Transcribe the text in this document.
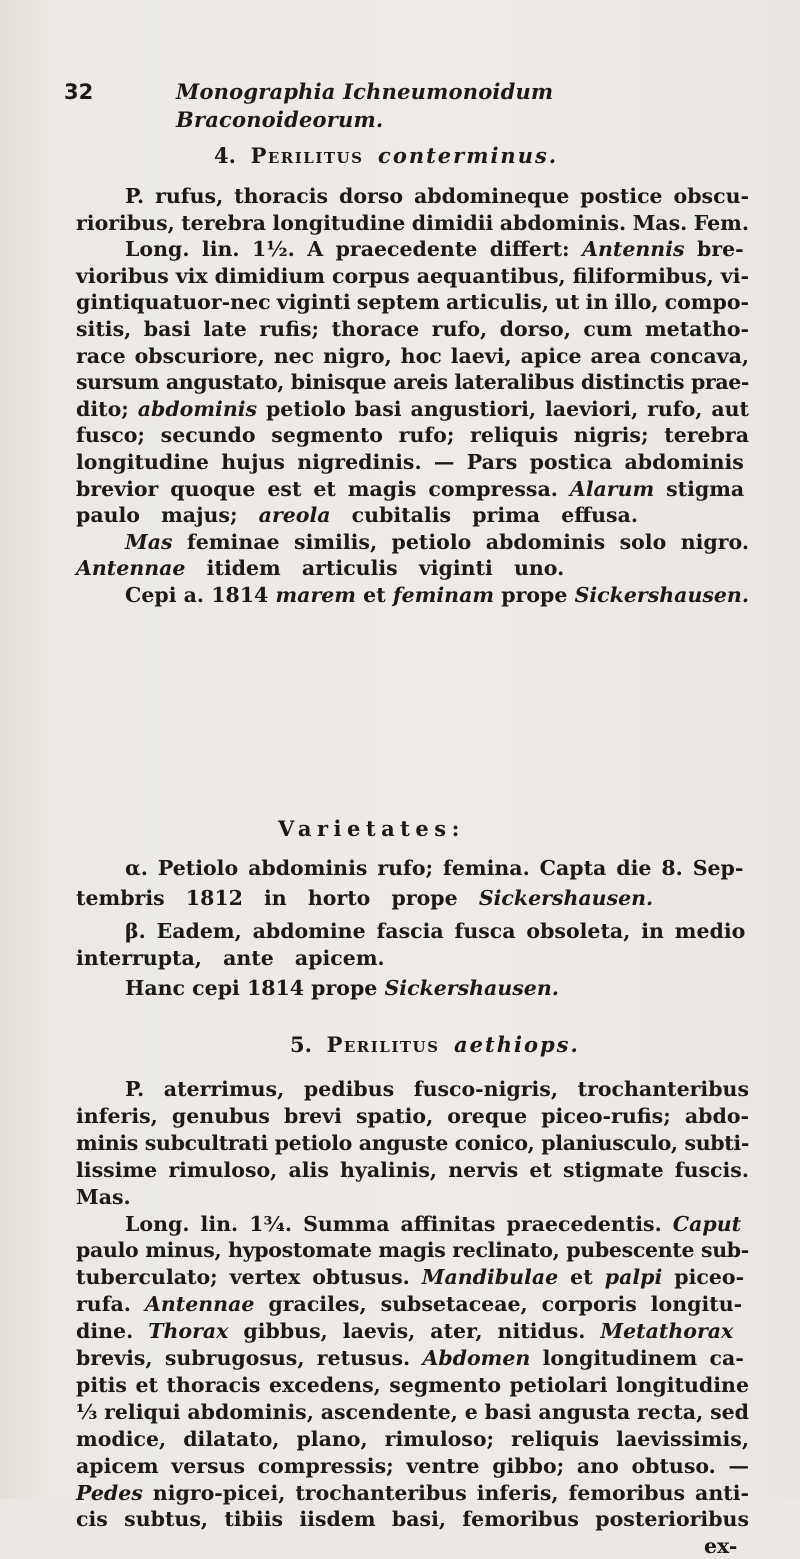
32	Monographia Ichneumonoidum Braconoideorum.
4. Perilitus conterminus.
P. rufus, thoracis dorso abdomineque postice obscu-
rioribus, terebra longitudine dimidii abdominis. Mas. Fem.
Long. lin. 1½. A praecedente differt: Antennis bre-
vioribus vix dimidium corpus aequantibus, filiformibus, vi-
gintiquatuor-nec viginti septem articulis, ut in illo, compo-
sitis, basi late rufis; thorace rufo, dorso, cum metatho-
race obscuriore, nec nigro, hoc laevi, apice area concava,
sursum angustato, binisque areis lateralibus distinctis prae-
dito; abdominis petiolo basi angustiori, laeviori, rufo, aut
fusco; secundo segmento rufo; reliquis nigris; terebra
longitudine hujus nigredinis. — Pars postica abdominis
brevior quoque est et magis compressa. Alarum stigma
paulo majus; areola cubitalis prima effusa.
Mas feminae similis, petiolo abdominis solo nigro.
Antennae itidem articulis viginti uno.
Cepi a. 1814 marem et feminam prope Sickershausen.
Varietates:
α. Petiolo abdominis rufo; femina. Capta die 8. Sep-
tembris 1812 in horto prope Sickershausen.
β. Eadem, abdomine fascia fusca obsoleta, in medio
interrupta, ante apicem.
Hanc cepi 1814 prope Sickershausen.
5. Perilitus aethiops.
P. aterrimus, pedibus fusco-nigris, trochanteribus
inferis, genubus brevi spatio, oreque piceo-rufis; abdo-
minis subcultrati petiolo anguste conico, planiusculo, subti-
lissime rimuloso, alis hyalinis, nervis et stigmate fuscis.
Mas.
Long. lin. 1¾. Summa affinitas praecedentis. Caput
paulo minus, hypostomate magis reclinato, pubescente sub-
tuberculato; vertex obtusus. Mandibulae et palpi piceo-
rufa. Antennae graciles, subsetaceae, corporis longitu-
dine. Thorax gibbus, laevis, ater, nitidus. Metathorax
brevis, subrugosus, retusus. Abdomen longitudinem ca-
pitis et thoracis excedens, segmento petiolari longitudine
⅓ reliqui abdominis, ascendente, e basi angusta recta, sed
modice, dilatato, plano, rimuloso; reliquis laevissimis,
apicem versus compressis; ventre gibbo; ano obtuso. —
Pedes nigro-picei, trochanteribus inferis, femoribus anti-
cis subtus, tibiis iisdem basi, femoribus posterioribus
ex-
